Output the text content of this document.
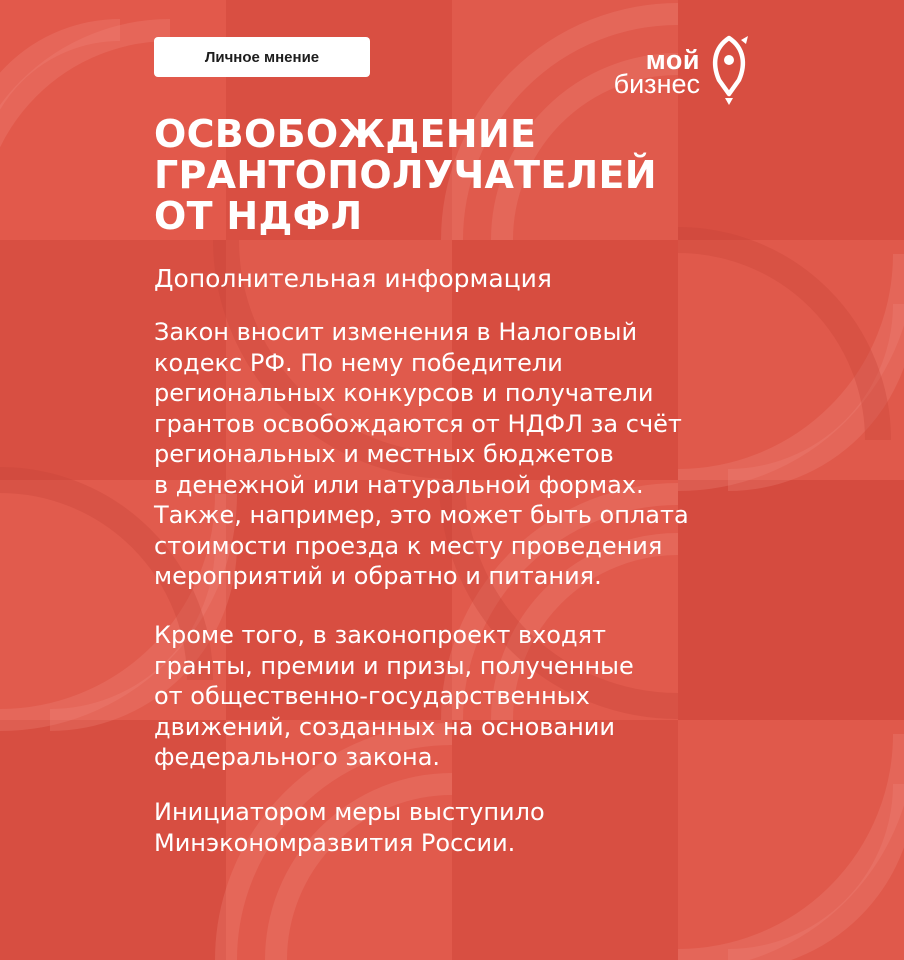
Личное мнение	мой
бизнес
ОСВОБОЖДЕНИЕ
ГРАНТОПОЛУЧАТЕЛЕЙ
ОТ НДФЛ
Дополнительная информация
Закон вносит изменения в Налоговый
кодекс РФ. По нему победители
региональных конкурсов и получатели
грантов освобождаются от НДФЛ за счёт
региональных и местных бюджетов
в денежной или натуральной формах.
Также, например, это может быть оплата
стоимости проезда к месту проведения
мероприятий и обратно и питания.
Кроме того, в законопроект входят
гранты, премии и призы, полученные
от общественно-государственных
движений, созданных на основании
федерального закона.
Инициатором меры выступило
Минэкономразвития России.
